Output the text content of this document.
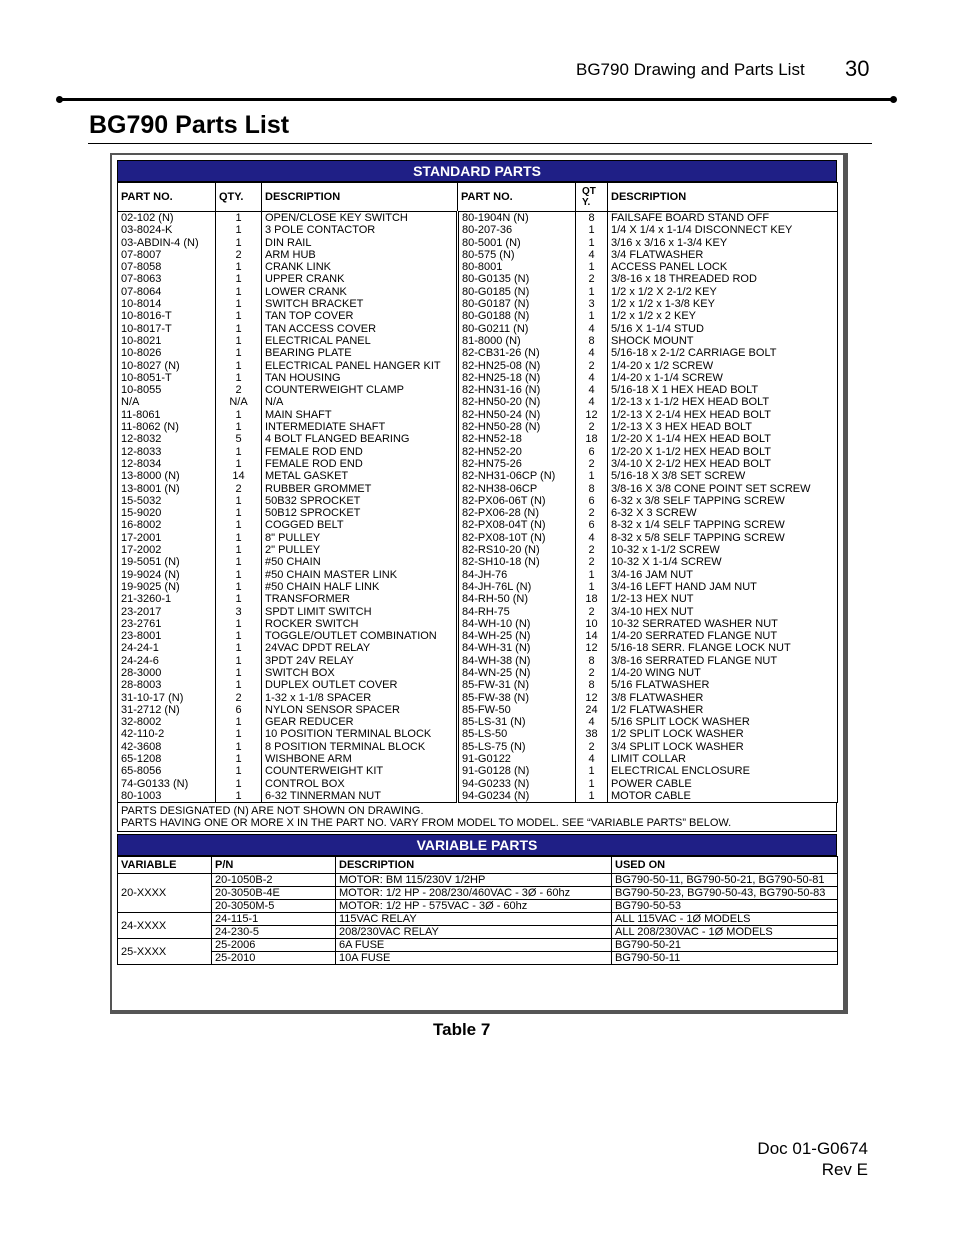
BG790 Drawing and Parts List 30
BG790 Parts List
STANDARD PARTS
PART NO.	QTY.	DESCRIPTION	PART NO.	QT Y.	DESCRIPTION
02-102 (N)	1	OPEN/CLOSE KEY SWITCH	80-1904N (N)	8	FAILSAFE BOARD STAND OFF
03-8024-K	1	3 POLE CONTACTOR	80-207-36	1	1/4 X 1/4 x 1-1/4 DISCONNECT KEY
03-ABDIN-4 (N)	1	DIN RAIL	80-5001 (N)	1	3/16 x 3/16 x 1-3/4 KEY
07-8007	2	ARM HUB	80-575 (N)	4	3/4 FLATWASHER
07-8058	1	CRANK LINK	80-8001	1	ACCESS PANEL LOCK
07-8063	1	UPPER CRANK	80-G0135 (N)	2	3/8-16 x 18 THREADED ROD
07-8064	1	LOWER CRANK	80-G0185 (N)	1	1/2 x 1/2 X 2-1/2 KEY
10-8014	1	SWITCH BRACKET	80-G0187 (N)	3	1/2 x 1/2 x 1-3/8 KEY
10-8016-T	1	TAN TOP COVER	80-G0188 (N)	1	1/2 x 1/2 x 2 KEY
10-8017-T	1	TAN ACCESS COVER	80-G0211 (N)	4	5/16 X 1-1/4 STUD
10-8021	1	ELECTRICAL PANEL	81-8000 (N)	8	SHOCK MOUNT
10-8026	1	BEARING PLATE	82-CB31-26 (N)	4	5/16-18 x 2-1/2 CARRIAGE BOLT
10-8027 (N)	1	ELECTRICAL PANEL HANGER KIT	82-HN25-08 (N)	2	1/4-20 x 1/2 SCREW
10-8051-T	1	TAN HOUSING	82-HN25-18 (N)	4	1/4-20 x 1-1/4 SCREW
10-8055	2	COUNTERWEIGHT CLAMP	82-HN31-16 (N)	4	5/16-18 X 1 HEX HEAD BOLT
N/A	N/A	N/A	82-HN50-20 (N)	4	1/2-13 x 1-1/2 HEX HEAD BOLT
11-8061	1	MAIN SHAFT	82-HN50-24 (N)	12	1/2-13 X 2-1/4 HEX HEAD BOLT
11-8062 (N)	1	INTERMEDIATE SHAFT	82-HN50-28 (N)	2	1/2-13 X 3 HEX HEAD BOLT
12-8032	5	4 BOLT FLANGED BEARING	82-HN52-18	18	1/2-20 X 1-1/4 HEX HEAD BOLT
12-8033	1	FEMALE ROD END	82-HN52-20	6	1/2-20 X 1-1/2 HEX HEAD BOLT
12-8034	1	FEMALE ROD END	82-HN75-26	2	3/4-10 X 2-1/2 HEX HEAD BOLT
13-8000 (N)	14	METAL GASKET	82-NH31-06CP (N)	1	5/16-18 X 3/8 SET SCREW
13-8001 (N)	2	RUBBER GROMMET	82-NH38-06CP	8	3/8-16 X 3/8 CONE POINT SET SCREW
15-5032	1	50B32 SPROCKET	82-PX06-06T (N)	6	6-32 x 3/8 SELF TAPPING SCREW
15-9020	1	50B12 SPROCKET	82-PX06-28 (N)	2	6-32 X 3 SCREW
16-8002	1	COGGED BELT	82-PX08-04T (N)	6	8-32 x 1/4 SELF TAPPING SCREW
17-2001	1	8" PULLEY	82-PX08-10T (N)	4	8-32 x 5/8 SELF TAPPING SCREW
17-2002	1	2" PULLEY	82-RS10-20 (N)	2	10-32 x 1-1/2 SCREW
19-5051 (N)	1	#50 CHAIN	82-SH10-18 (N)	2	10-32 X 1-1/4 SCREW
19-9024 (N)	1	#50 CHAIN MASTER LINK	84-JH-76	1	3/4-16 JAM NUT
19-9025 (N)	1	#50 CHAIN HALF LINK	84-JH-76L (N)	1	3/4-16 LEFT HAND JAM NUT
21-3260-1	1	TRANSFORMER	84-RH-50 (N)	18	1/2-13 HEX NUT
23-2017	3	SPDT LIMIT SWITCH	84-RH-75	2	3/4-10 HEX NUT
23-2761	1	ROCKER SWITCH	84-WH-10 (N)	10	10-32 SERRATED WASHER NUT
23-8001	1	TOGGLE/OUTLET COMBINATION	84-WH-25 (N)	14	1/4-20 SERRATED FLANGE NUT
24-24-1	1	24VAC DPDT RELAY	84-WH-31 (N)	12	5/16-18 SERR. FLANGE LOCK NUT
24-24-6	1	3PDT 24V RELAY	84-WH-38 (N)	8	3/8-16 SERRATED FLANGE NUT
28-3000	1	SWITCH BOX	84-WN-25 (N)	2	1/4-20 WING NUT
28-8003	1	DUPLEX OUTLET COVER	85-FW-31 (N)	8	5/16 FLATWASHER
31-10-17 (N)	2	1-32 x 1-1/8 SPACER	85-FW-38 (N)	12	3/8 FLATWASHER
31-2712 (N)	6	NYLON SENSOR SPACER	85-FW-50	24	1/2 FLATWASHER
32-8002	1	GEAR REDUCER	85-LS-31 (N)	4	5/16 SPLIT LOCK WASHER
42-110-2	1	10 POSITION TERMINAL BLOCK	85-LS-50	38	1/2 SPLIT LOCK WASHER
42-3608	1	8 POSITION TERMINAL BLOCK	85-LS-75 (N)	2	3/4 SPLIT LOCK WASHER
65-1208	1	WISHBONE ARM	91-G0122	4	LIMIT COLLAR
65-8056	1	COUNTERWEIGHT KIT	91-G0128 (N)	1	ELECTRICAL ENCLOSURE
74-G0133 (N)	1	CONTROL BOX	94-G0233 (N)	1	POWER CABLE
80-1003	1	6-32 TINNERMAN NUT	94-G0234 (N)	1	MOTOR CABLE
PARTS DESIGNATED (N) ARE NOT SHOWN ON DRAWING.
PARTS HAVING ONE OR MORE X IN THE PART NO. VARY FROM MODEL TO MODEL. SEE “VARIABLE PARTS” BELOW.
VARIABLE PARTS
VARIABLE	P/N	DESCRIPTION	USED ON
20-XXXX	20-1050B-2	MOTOR: BM 115/230V 1/2HP	BG790-50-11, BG790-50-21, BG790-50-81
	20-3050B-4E	MOTOR: 1/2 HP - 208/230/460VAC - 3Ø - 60hz	BG790-50-23, BG790-50-43, BG790-50-83
	20-3050M-5	MOTOR: 1/2 HP - 575VAC - 3Ø - 60hz	BG790-50-53
24-XXXX	24-115-1	115VAC RELAY	ALL 115VAC - 1Ø MODELS
	24-230-5	208/230VAC RELAY	ALL 208/230VAC - 1Ø MODELS
25-XXXX	25-2006	6A FUSE	BG790-50-21
	25-2010	10A FUSE	BG790-50-11
Table 7
Doc 01-G0674
Rev E
